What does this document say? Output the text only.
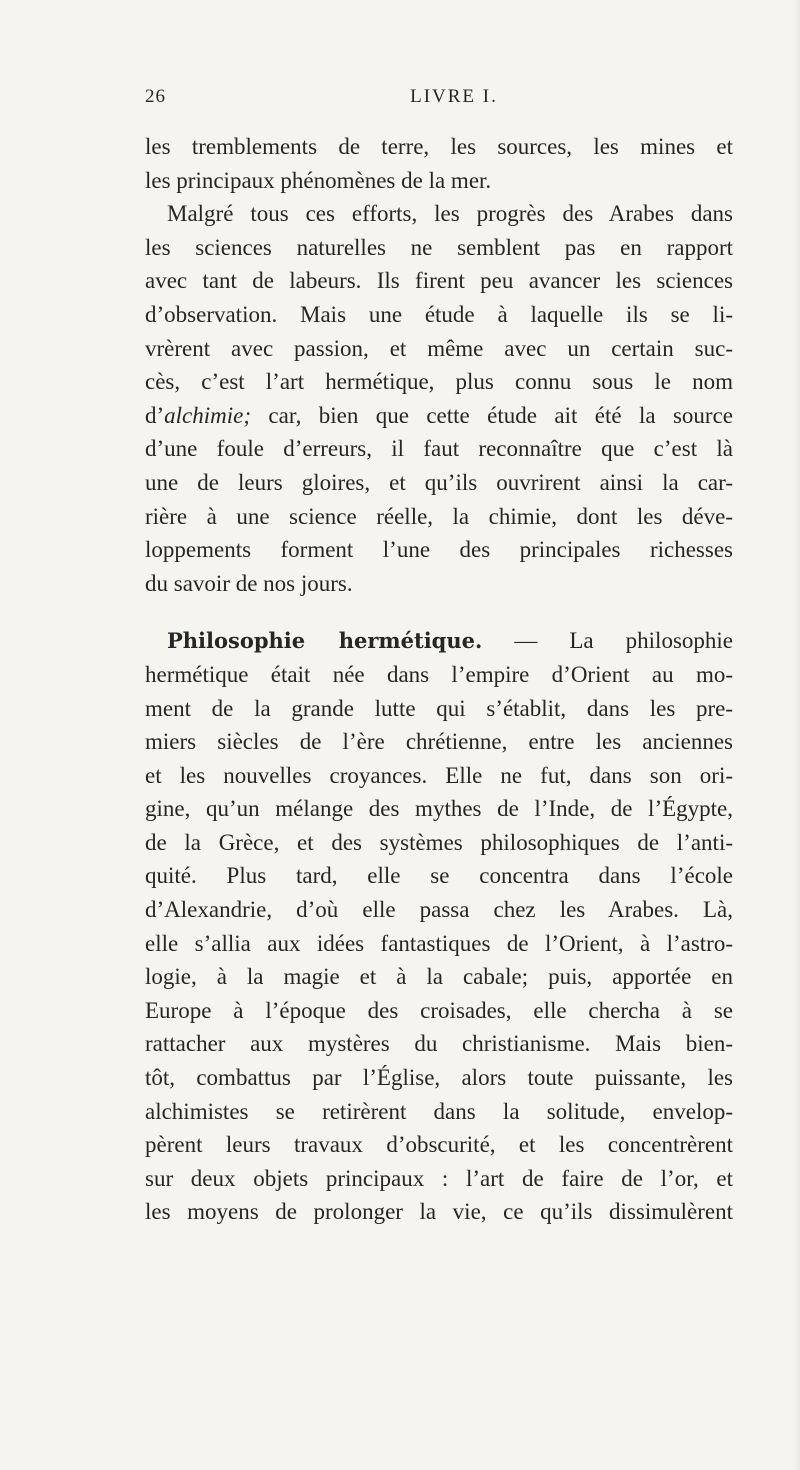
26	LIVRE I.
les tremblements de terre, les sources, les mines et
les principaux phénomènes de la mer.
Malgré tous ces efforts, les progrès des Arabes dans
les sciences naturelles ne semblent pas en rapport
avec tant de labeurs. Ils firent peu avancer les sciences
d’observation. Mais une étude à laquelle ils se li-
vrèrent avec passion, et même avec un certain suc-
cès, c’est l’art hermétique, plus connu sous le nom
d’alchimie; car, bien que cette étude ait été la source
d’une foule d’erreurs, il faut reconnaître que c’est là
une de leurs gloires, et qu’ils ouvrirent ainsi la car-
rière à une science réelle, la chimie, dont les déve-
loppements forment l’une des principales richesses
du savoir de nos jours.
Philosophie hermétique. — La philosophie
hermétique était née dans l’empire d’Orient au mo-
ment de la grande lutte qui s’établit, dans les pre-
miers siècles de l’ère chrétienne, entre les anciennes
et les nouvelles croyances. Elle ne fut, dans son ori-
gine, qu’un mélange des mythes de l’Inde, de l’Égypte,
de la Grèce, et des systèmes philosophiques de l’anti-
quité. Plus tard, elle se concentra dans l’école
d’Alexandrie, d’où elle passa chez les Arabes. Là,
elle s’allia aux idées fantastiques de l’Orient, à l’astro-
logie, à la magie et à la cabale; puis, apportée en
Europe à l’époque des croisades, elle chercha à se
rattacher aux mystères du christianisme. Mais bien-
tôt, combattus par l’Église, alors toute puissante, les
alchimistes se retirèrent dans la solitude, envelop-
pèrent leurs travaux d’obscurité, et les concentrèrent
sur deux objets principaux : l’art de faire de l’or, et
les moyens de prolonger la vie, ce qu’ils dissimulèrent
